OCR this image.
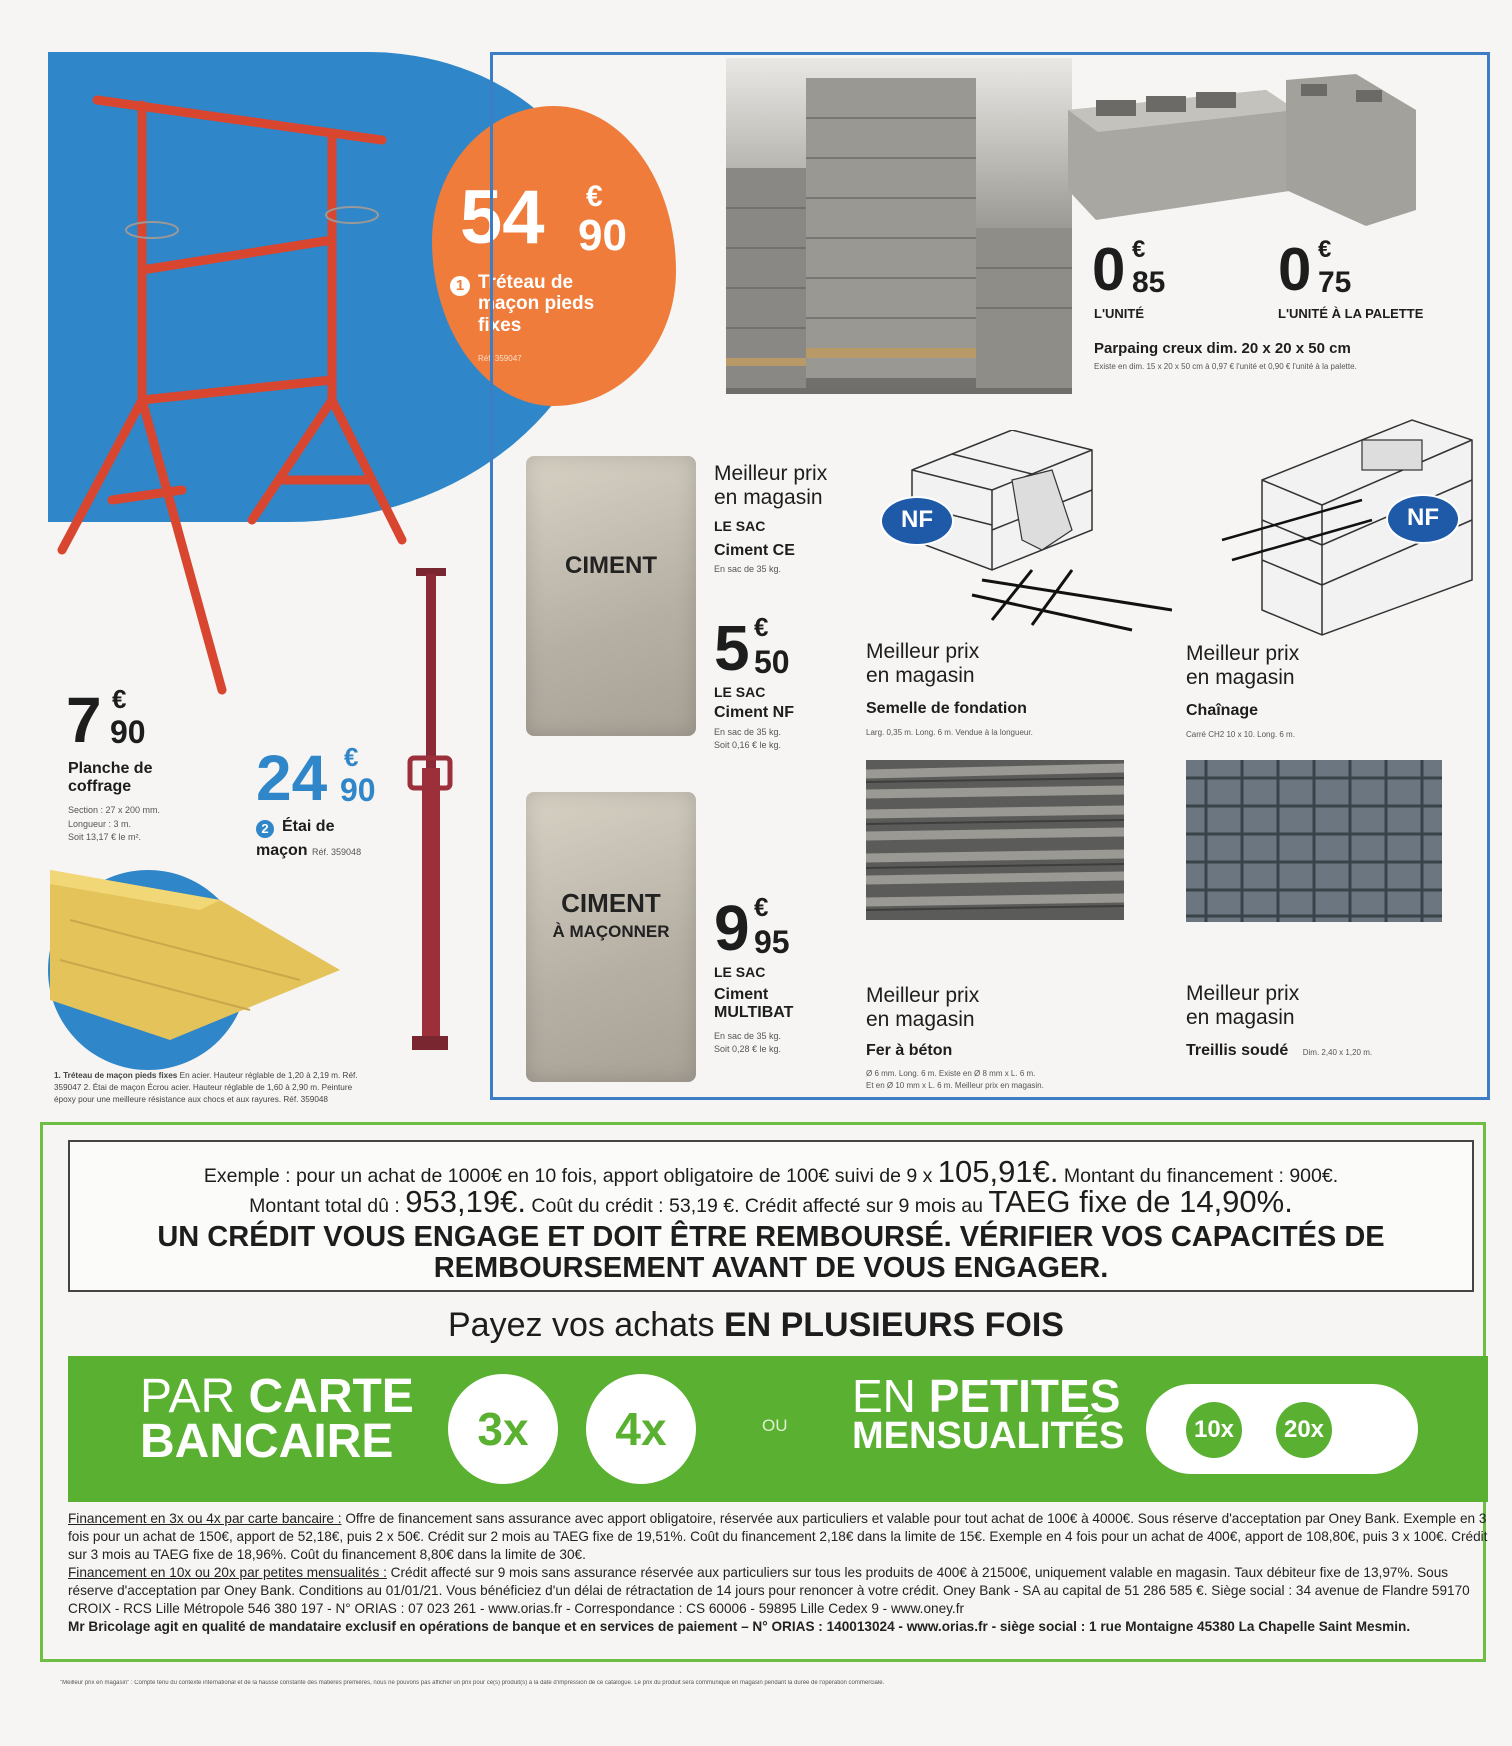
54 €
90
1 Tréteau de
maçon pieds
fixes
Réf. 359047
7 €
90
Planche de
coffrage
Section : 27 x 200 mm.
Longueur : 3 m.
Soit 13,17 € le m².
24 €
90
2 Étai de
maçon Réf. 359048
1. Tréteau de maçon pieds fixes En acier. Hauteur réglable de 1,20 à 2,19 m. Réf.
359047 2. Étai de maçon Écrou acier. Hauteur réglable de 1,60 à 2,90 m. Peinture
époxy pour une meilleure résistance aux chocs et aux rayures. Réf. 359048
0 €
85
L'UNITÉ
0 €
75
L'UNITÉ À LA PALETTE
Parpaing creux dim. 20 x 20 x 50 cm
Existe en dim. 15 x 20 x 50 cm à 0,97 € l'unité et 0,90 € l'unité à la palette.
CIMENT
Meilleur prix
en magasin
LE SAC
Ciment CE
En sac de 35 kg.
5 €
50
LE SAC
Ciment NF
En sac de 35 kg.
Soit 0,16 € le kg.
CIMENT
À MAÇONNER 9 €
95
LE SAC
Ciment
MULTIBAT
En sac de 35 kg.
Soit 0,28 € le kg.
NF	NF
Meilleur prix
en magasin
Semelle de fondation
Larg. 0,35 m. Long. 6 m. Vendue à la longueur.
Meilleur prix
en magasin
Chaînage
Carré CH2 10 x 10. Long. 6 m.
Meilleur prix
en magasin
Fer à béton
Ø 6 mm. Long. 6 m. Existe en Ø 8 mm x L. 6 m.
Et en Ø 10 mm x L. 6 m. Meilleur prix en magasin.
Meilleur prix
en magasin
Treillis soudé Dim. 2,40 x 1,20 m.
Exemple : pour un achat de 1000€ en 10 fois, apport obligatoire de 100€ suivi de 9 x 105,91€. Montant du financement : 900€.
Montant total dû : 953,19€. Coût du crédit : 53,19 €. Crédit affecté sur 9 mois au TAEG fixe de 14,90%.
UN CRÉDIT VOUS ENGAGE ET DOIT ÊTRE REMBOURSÉ. VÉRIFIER VOS CAPACITÉS DE
REMBOURSEMENT AVANT DE VOUS ENGAGER.
Payez vos achats EN PLUSIEURS FOIS
PAR CARTE
BANCAIRE	3x	4x	OU
EN PETITES
MENSUALITÉS	10x	20x
Financement en 3x ou 4x par carte bancaire : Offre de financement sans assurance avec apport obligatoire, réservée aux particuliers et valable pour tout achat de 100€ à 4000€. Sous réserve d'acceptation par Oney Bank. Exemple en 3 fois pour un achat de 150€, apport de 52,18€, puis 2 x 50€. Crédit sur 2 mois au TAEG fixe de 19,51%. Coût du financement 2,18€ dans la limite de 15€. Exemple en 4 fois pour un achat de 400€, apport de 108,80€, puis 3 x 100€. Crédit sur 3 mois au TAEG fixe de 18,96%. Coût du financement 8,80€ dans la limite de 30€.
Financement en 10x ou 20x par petites mensualités : Crédit affecté sur 9 mois sans assurance réservée aux particuliers sur tous les produits de 400€ à 21500€, uniquement valable en magasin. Taux débiteur fixe de 13,97%. Sous réserve d'acceptation par Oney Bank. Conditions au 01/01/21. Vous bénéficiez d'un délai de rétractation de 14 jours pour renoncer à votre crédit. Oney Bank - SA au capital de 51 286 585 €. Siège social : 34 avenue de Flandre 59170 CROIX - RCS Lille Métropole 546 380 197 - N° ORIAS : 07 023 261 - www.orias.fr - Correspondance : CS 60006 - 59895 Lille Cedex 9 - www.oney.fr
Mr Bricolage agit en qualité de mandataire exclusif en opérations de banque et en services de paiement – N° ORIAS : 140013024 - www.orias.fr - siège social : 1 rue Montaigne 45380 La Chapelle Saint Mesmin.
"Meilleur prix en magasin" : Compte tenu du contexte international et de la hausse constante des matières premières, nous ne pouvons pas afficher un prix pour ce(s) produit(s) à la date d'impression de ce catalogue. Le prix du produit sera communiqué en magasin pendant la durée de l'opération commerciale.
